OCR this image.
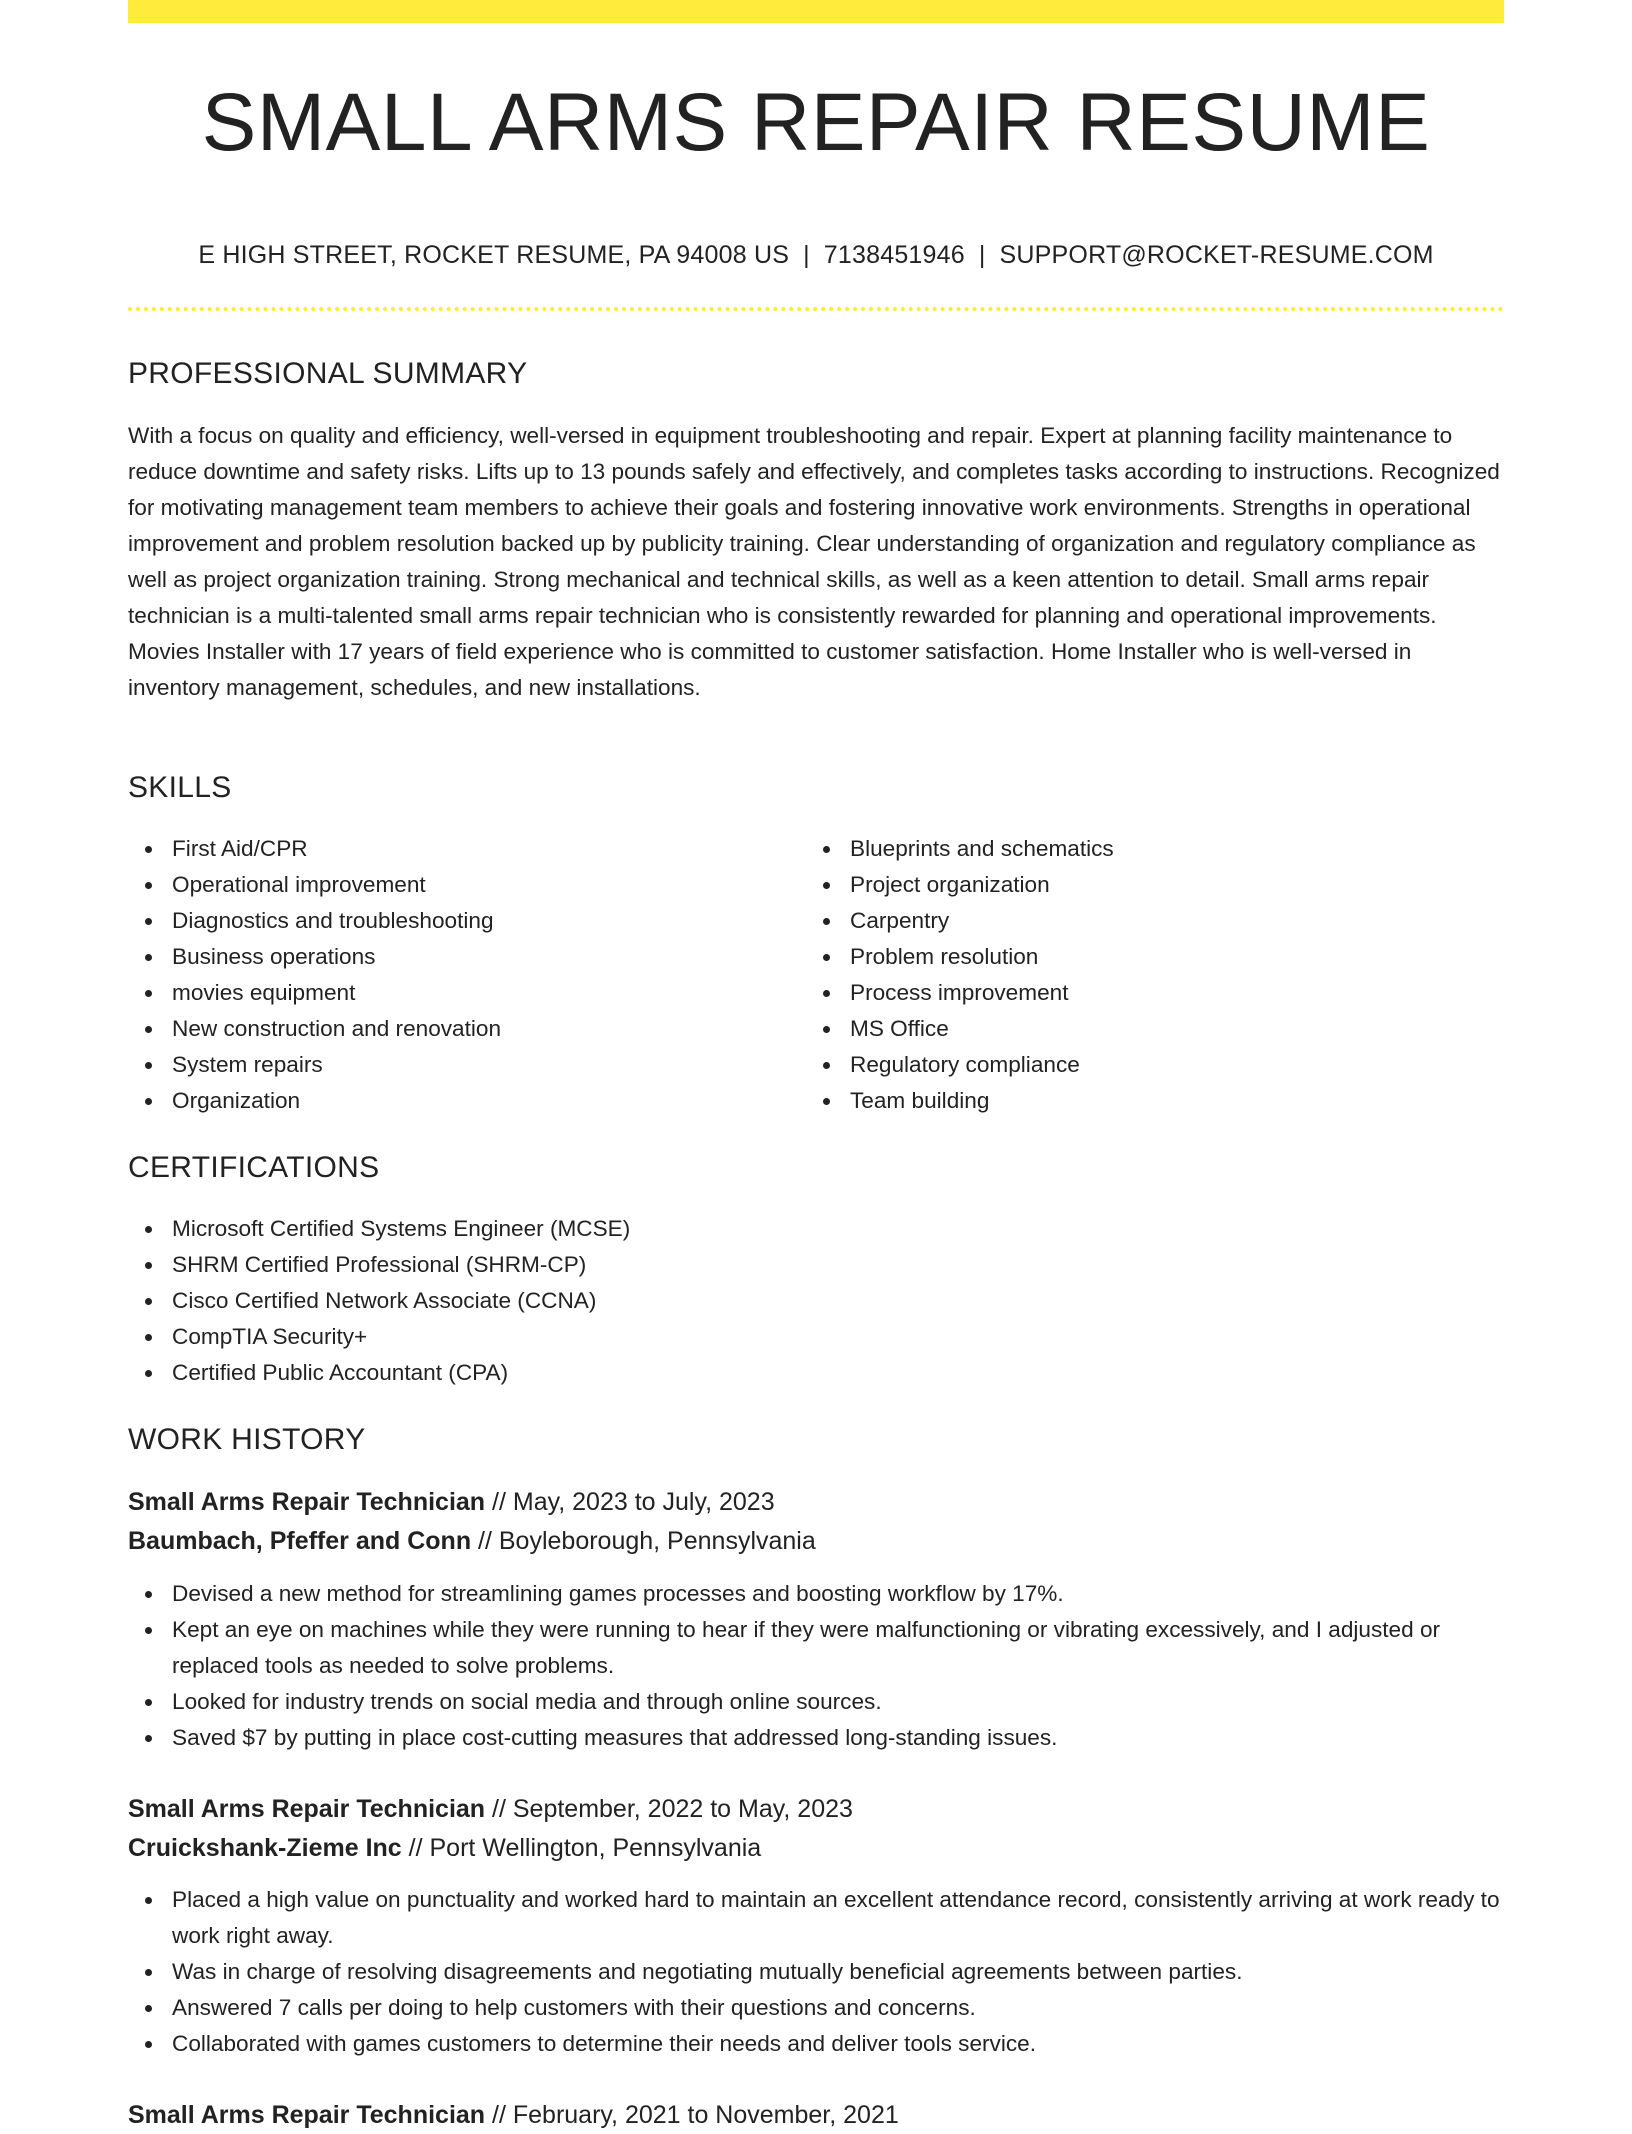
SMALL ARMS REPAIR RESUME
E HIGH STREET, ROCKET RESUME, PA 94008 US | 7138451946 | SUPPORT@ROCKET-RESUME.COM
PROFESSIONAL SUMMARY

With a focus on quality and efficiency, well-versed in equipment troubleshooting and repair. Expert at planning facility maintenance to reduce downtime and safety risks. Lifts up to 13 pounds safely and effectively, and completes tasks according to instructions. Recognized for motivating management team members to achieve their goals and fostering innovative work environments. Strengths in operational improvement and problem resolution backed up by publicity training. Clear understanding of organization and regulatory compliance as well as project organization training. Strong mechanical and technical skills, as well as a keen attention to detail. Small arms repair technician is a multi-talented small arms repair technician who is consistently rewarded for planning and operational improvements. Movies Installer with 17 years of field experience who is committed to customer satisfaction. Home Installer who is well-versed in inventory management, schedules, and new installations.

SKILLS
First Aid/CPR
Operational improvement
Diagnostics and troubleshooting
Business operations
movies equipment
New construction and renovation
System repairs
Organization
Blueprints and schematics
Project organization
Carpentry
Problem resolution
Process improvement
MS Office
Regulatory compliance
Team building
CERTIFICATIONS
Microsoft Certified Systems Engineer (MCSE)
SHRM Certified Professional (SHRM-CP)
Cisco Certified Network Associate (CCNA)
CompTIA Security+
Certified Public Accountant (CPA)
WORK HISTORY
Small Arms Repair Technician // May, 2023 to July, 2023
Baumbach, Pfeffer and Conn // Boyleborough, Pennsylvania
Devised a new method for streamlining games processes and boosting workflow by 17%.
Kept an eye on machines while they were running to hear if they were malfunctioning or vibrating excessively, and I adjusted or replaced tools as needed to solve problems.
Looked for industry trends on social media and through online sources.
Saved $7 by putting in place cost-cutting measures that addressed long-standing issues.
Small Arms Repair Technician // September, 2022 to May, 2023
Cruickshank-Zieme Inc // Port Wellington, Pennsylvania
Placed a high value on punctuality and worked hard to maintain an excellent attendance record, consistently arriving at work ready to work right away.
Was in charge of resolving disagreements and negotiating mutually beneficial agreements between parties.
Answered 7 calls per doing to help customers with their questions and concerns.
Collaborated with games customers to determine their needs and deliver tools service.
Small Arms Repair Technician // February, 2021 to November, 2021
